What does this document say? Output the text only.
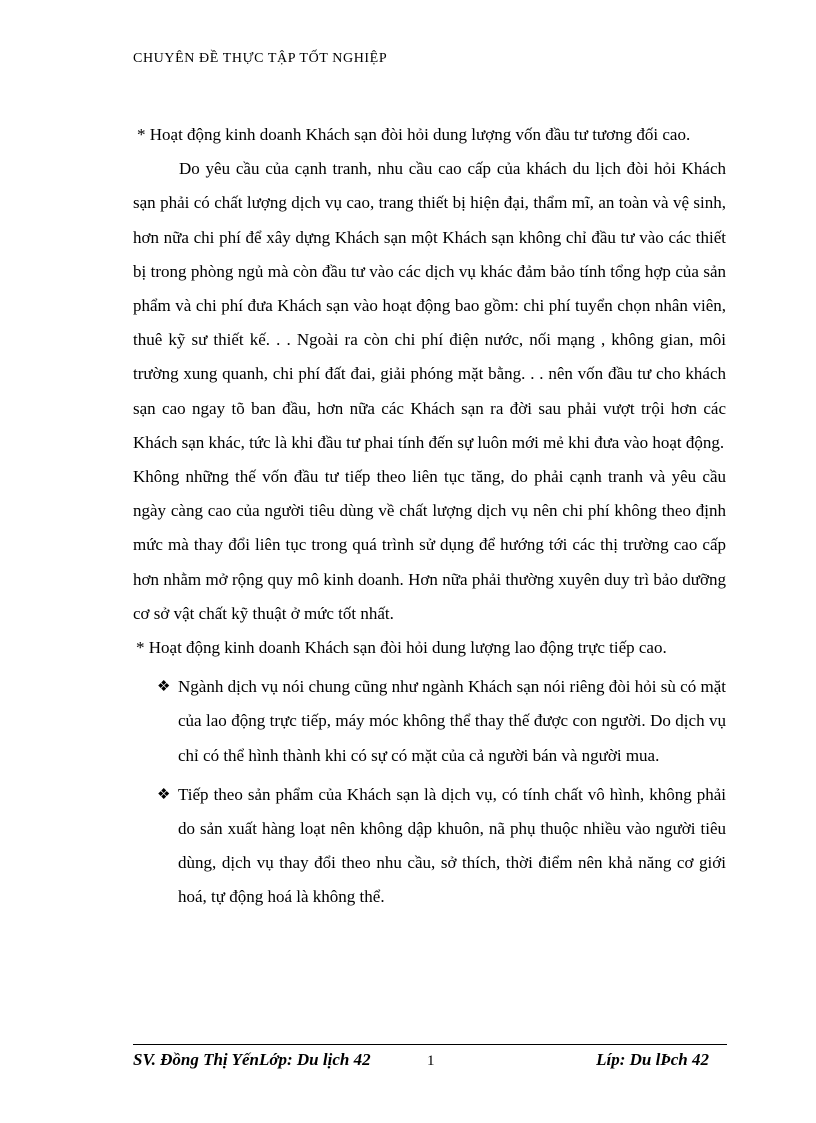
CHUYÊN ĐỀ THỰC TẬP TỐT NGHIỆP

* Hoạt động kinh doanh Khách sạn đòi hỏi dung lượng vốn đầu tư tương đối cao.

Do yêu cầu của cạnh tranh, nhu cầu cao cấp của khách du lịch đòi hỏi Khách sạn phải có chất lượng dịch vụ cao, trang thiết bị hiện đại, thẩm mĩ, an toàn và vệ sinh, hơn nữa chi phí để xây dựng Khách sạn một Khách sạn không chỉ đầu tư vào các thiết bị trong phòng ngủ mà còn đầu tư vào các dịch vụ khác đảm bảo tính tổng hợp của sản phẩm và chi phí đưa Khách sạn vào hoạt động bao gồm: chi phí tuyển chọn nhân viên, thuê kỹ sư thiết kế. . . Ngoài ra còn chi phí điện nước, nối mạng , không gian, môi trường xung quanh, chi phí đất đai, giải phóng mặt bằng. . . nên vốn đầu tư cho khách sạn cao ngay tõ ban đầu, hơn nữa các Khách sạn ra đời sau phải vượt trội hơn các Khách sạn khác, tức là khi đầu tư phai tính đến sự luôn mới mẻ khi đưa vào hoạt động.

Không những thế vốn đầu tư tiếp theo liên tục tăng, do phải cạnh tranh và yêu cầu ngày càng cao của người tiêu dùng về chất lượng dịch vụ nên chi phí không theo định mức mà thay đổi liên tục trong quá trình sử dụng để hướng tới các thị trường cao cấp hơn nhằm mở rộng quy mô kinh doanh. Hơn nữa phải thường xuyên duy trì bảo dưỡng cơ sở vật chất kỹ thuật ở mức tốt nhất.

* Hoạt động kinh doanh Khách sạn đòi hỏi dung lượng lao động trực tiếp cao.

❖ Ngành dịch vụ nói chung cũng như ngành Khách sạn nói riêng đòi hỏi sù có mặt của lao động trực tiếp, máy móc không thể thay thế được con người. Do dịch vụ chỉ có thể hình thành khi có sự có mặt của cả người bán và người mua.
❖ Tiếp theo sản phẩm của Khách sạn là dịch vụ, có tính chất vô hình, không phải do sản xuất hàng loạt nên không dập khuôn, nã phụ thuộc nhiều vào người tiêu dùng, dịch vụ thay đổi theo nhu cầu, sở thích, thời điểm nên khả năng cơ giới hoá, tự động hoá là không thể.
SV. Đồng Thị YếnLớp: Du lịch 42	1	Líp: Du lÞch 42
